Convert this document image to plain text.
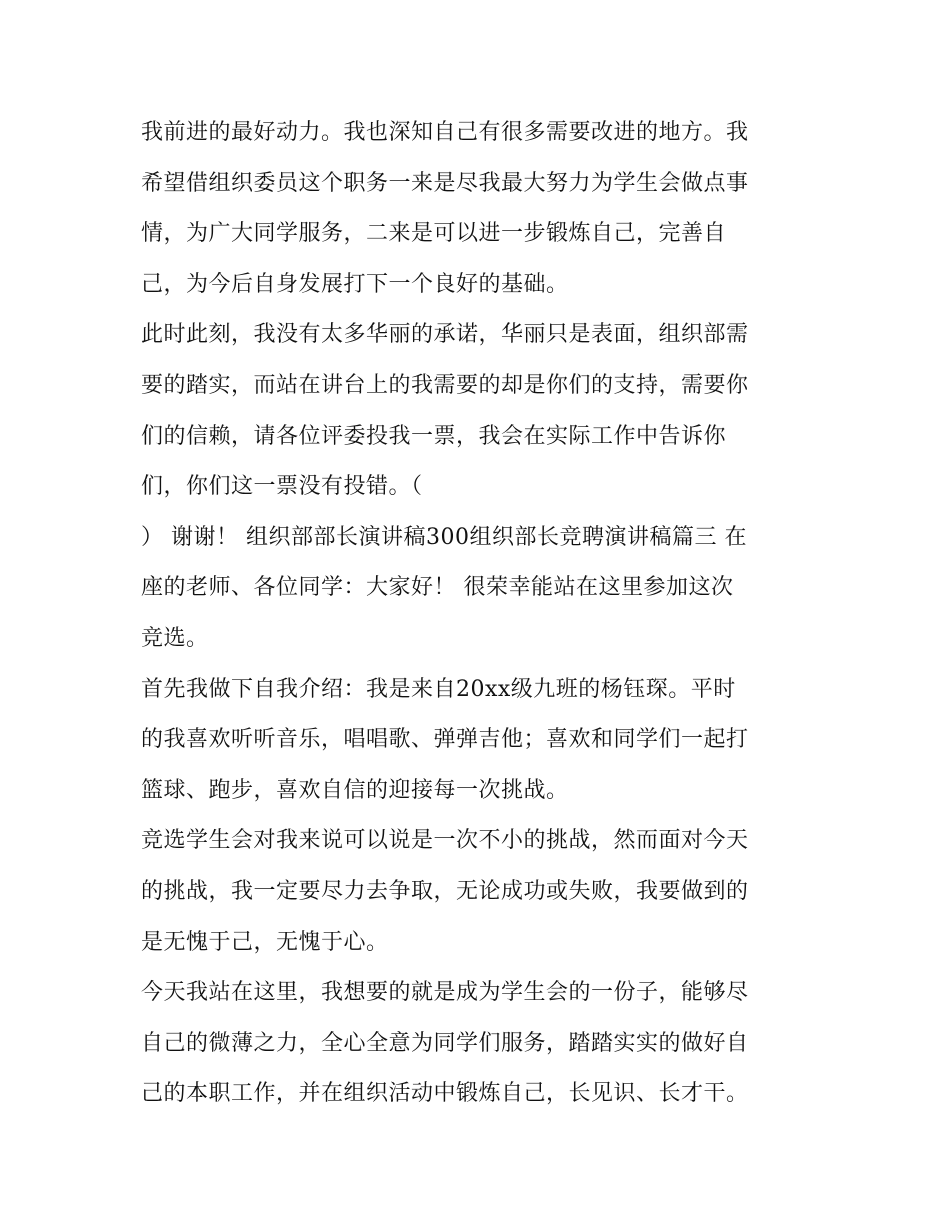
我前进的最好动力。我也深知自己有很多需要改进的地方。我
希望借组织委员这个职务一来是尽我最大努力为学生会做点事
情，为广大同学服务，二来是可以进一步锻炼自己，完善自
己，为今后自身发展打下一个良好的基础。
此时此刻，我没有太多华丽的承诺，华丽只是表面，组织部需
要的踏实，而站在讲台上的我需要的却是你们的支持，需要你
们的信赖，请各位评委投我一票，我会在实际工作中告诉你
们，你们这一票没有投错。（
） 谢谢！ 组织部部长演讲稿300组织部长竞聘演讲稿篇三 在
座的老师、各位同学：大家好！ 很荣幸能站在这里参加这次
竞选。
首先我做下自我介绍：我是来自20xx级九班的杨钰琛。平时
的我喜欢听听音乐，唱唱歌、弹弹吉他；喜欢和同学们一起打
篮球、跑步，喜欢自信的迎接每一次挑战。
竞选学生会对我来说可以说是一次不小的挑战，然而面对今天
的挑战，我一定要尽力去争取，无论成功或失败，我要做到的
是无愧于己，无愧于心。
今天我站在这里，我想要的就是成为学生会的一份子，能够尽
自己的微薄之力，全心全意为同学们服务，踏踏实实的做好自
己的本职工作，并在组织活动中锻炼自己，长见识、长才干。
